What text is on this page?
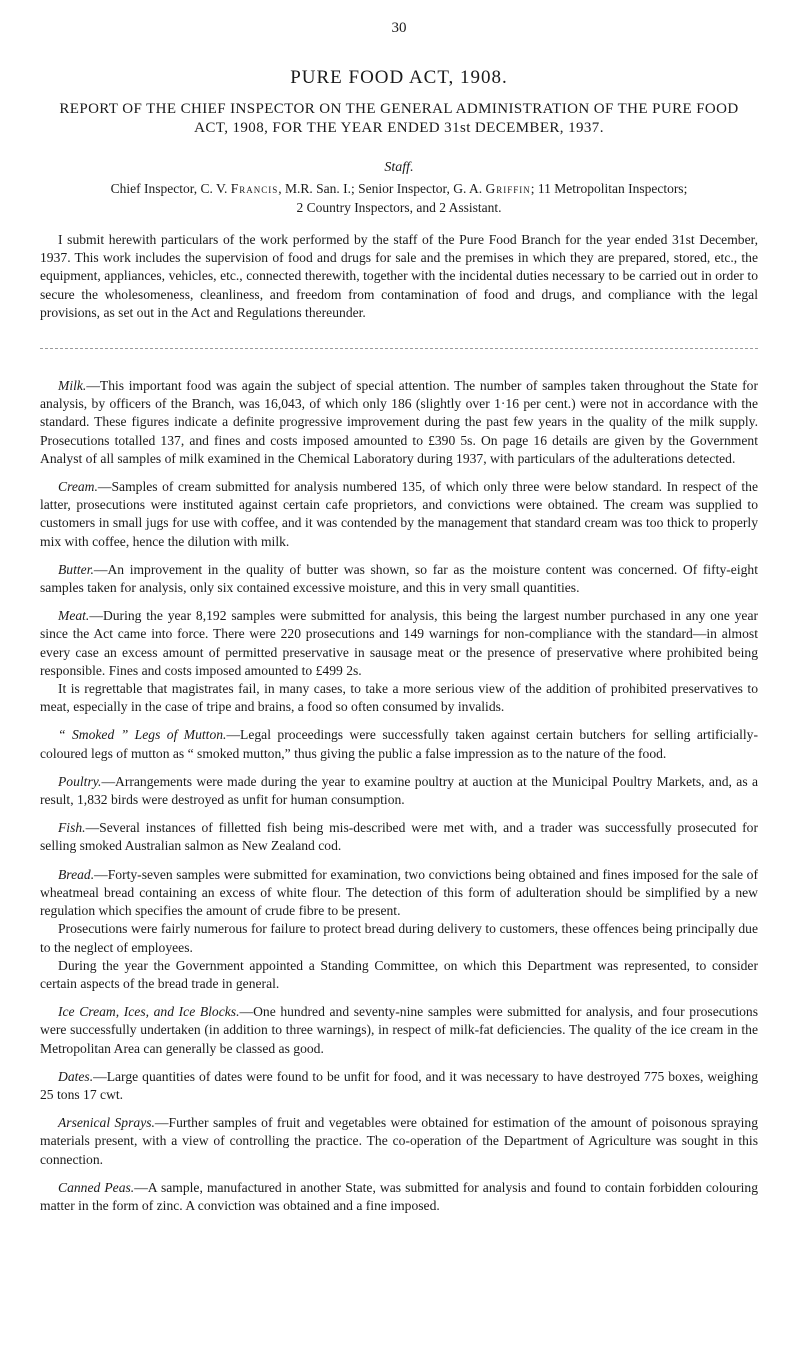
30
PURE FOOD ACT, 1908.
REPORT OF THE CHIEF INSPECTOR ON THE GENERAL ADMINISTRATION OF THE PURE FOOD ACT, 1908, FOR THE YEAR ENDED 31st DECEMBER, 1937.
Staff.
Chief Inspector, C. V. Francis, M.R. San. I.; Senior Inspector, G. A. Griffin; 11 Metropolitan Inspectors;
2 Country Inspectors, and 2 Assistant.

I submit herewith particulars of the work performed by the staff of the Pure Food Branch for the year ended 31st December, 1937. This work includes the supervision of food and drugs for sale and the premises in which they are prepared, stored, etc., the equipment, appliances, vehicles, etc., connected therewith, together with the incidental duties necessary to be carried out in order to secure the wholesomeness, cleanliness, and freedom from contamination of food and drugs, and compliance with the legal provisions, as set out in the Act and Regulations thereunder.

Milk.—This important food was again the subject of special attention. The number of samples taken throughout the State for analysis, by officers of the Branch, was 16,043, of which only 186 (slightly over 1·16 per cent.) were not in accordance with the standard. These figures indicate a definite progressive improvement during the past few years in the quality of the milk supply. Prosecutions totalled 137, and fines and costs imposed amounted to £390 5s. On page 16 details are given by the Government Analyst of all samples of milk examined in the Chemical Laboratory during 1937, with particulars of the adulterations detected.

Cream.—Samples of cream submitted for analysis numbered 135, of which only three were below standard. In respect of the latter, prosecutions were instituted against certain cafe proprietors, and convictions were obtained. The cream was supplied to customers in small jugs for use with coffee, and it was contended by the management that standard cream was too thick to properly mix with coffee, hence the dilution with milk.

Butter.—An improvement in the quality of butter was shown, so far as the moisture content was concerned. Of fifty-eight samples taken for analysis, only six contained excessive moisture, and this in very small quantities.

Meat.—During the year 8,192 samples were submitted for analysis, this being the largest number purchased in any one year since the Act came into force. There were 220 prosecutions and 149 warnings for non-compliance with the standard—in almost every case an excess amount of permitted preservative in sausage meat or the presence of preservative where prohibited being responsible. Fines and costs imposed amounted to £499 2s.

It is regrettable that magistrates fail, in many cases, to take a more serious view of the addition of prohibited preservatives to meat, especially in the case of tripe and brains, a food so often consumed by invalids.

“ Smoked ” Legs of Mutton.—Legal proceedings were successfully taken against certain butchers for selling artificially-coloured legs of mutton as “ smoked mutton,” thus giving the public a false impression as to the nature of the food.

Poultry.—Arrangements were made during the year to examine poultry at auction at the Municipal Poultry Markets, and, as a result, 1,832 birds were destroyed as unfit for human consumption.

Fish.—Several instances of filletted fish being mis-described were met with, and a trader was successfully prosecuted for selling smoked Australian salmon as New Zealand cod.

Bread.—Forty-seven samples were submitted for examination, two convictions being obtained and fines imposed for the sale of wheatmeal bread containing an excess of white flour. The detection of this form of adulteration should be simplified by a new regulation which specifies the amount of crude fibre to be present.

Prosecutions were fairly numerous for failure to protect bread during delivery to customers, these offences being principally due to the neglect of employees.

During the year the Government appointed a Standing Committee, on which this Department was represented, to consider certain aspects of the bread trade in general.

Ice Cream, Ices, and Ice Blocks.—One hundred and seventy-nine samples were submitted for analysis, and four prosecutions were successfully undertaken (in addition to three warnings), in respect of milk-fat deficiencies. The quality of the ice cream in the Metropolitan Area can generally be classed as good.

Dates.—Large quantities of dates were found to be unfit for food, and it was necessary to have destroyed 775 boxes, weighing 25 tons 17 cwt.

Arsenical Sprays.—Further samples of fruit and vegetables were obtained for estimation of the amount of poisonous spraying materials present, with a view of controlling the practice. The co-operation of the Department of Agriculture was sought in this connection.

Canned Peas.—A sample, manufactured in another State, was submitted for analysis and found to contain forbidden colouring matter in the form of zinc. A conviction was obtained and a fine imposed.
